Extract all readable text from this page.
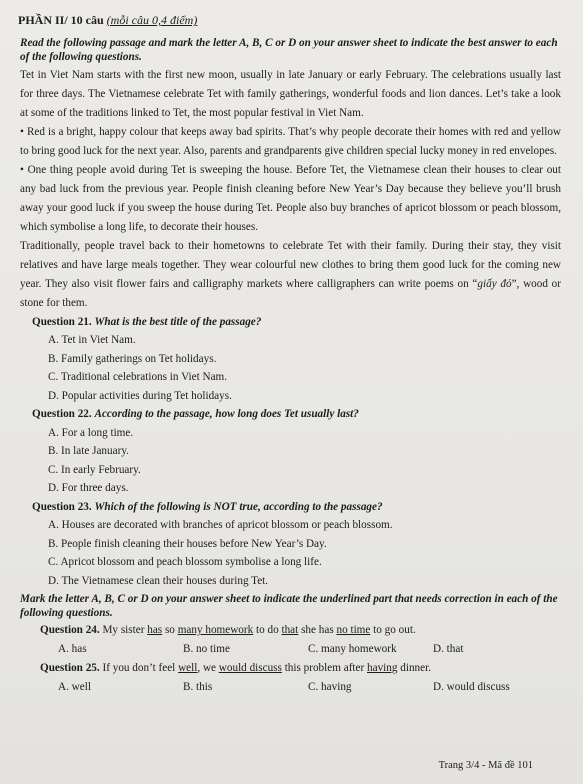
PHẦN II/ 10 câu (mỗi câu 0,4 điểm)
Read the following passage and mark the letter A, B, C or D on your answer sheet to indicate the best answer to each of the following questions.
Tet in Viet Nam starts with the first new moon, usually in late January or early February. The celebrations usually last for three days. The Vietnamese celebrate Tet with family gatherings, wonderful foods and lion dances. Let’s take a look at some of the traditions linked to Tet, the most popular festival in Viet Nam.
• Red is a bright, happy colour that keeps away bad spirits. That’s why people decorate their homes with red and yellow to bring good luck for the next year. Also, parents and grandparents give children special lucky money in red envelopes.
• One thing people avoid during Tet is sweeping the house. Before Tet, the Vietnamese clean their houses to clear out any bad luck from the previous year. People finish cleaning before New Year’s Day because they believe you’ll brush away your good luck if you sweep the house during Tet. People also buy branches of apricot blossom or peach blossom, which symbolise a long life, to decorate their houses.
Traditionally, people travel back to their hometowns to celebrate Tet with their family. During their stay, they visit relatives and have large meals together. They wear colourful new clothes to bring them good luck for the coming new year. They also visit flower fairs and calligraphy markets where calligraphers can write poems on “giấy đỏ”, wood or stone for them.
Question 21. What is the best title of the passage?
A. Tet in Viet Nam.
B. Family gatherings on Tet holidays.
C. Traditional celebrations in Viet Nam.
D. Popular activities during Tet holidays.
Question 22. According to the passage, how long does Tet usually last?
A. For a long time.
B. In late January.
C. In early February.
D. For three days.
Question 23. Which of the following is NOT true, according to the passage?
A. Houses are decorated with branches of apricot blossom or peach blossom.
B. People finish cleaning their houses before New Year’s Day.
C. Apricot blossom and peach blossom symbolise a long life.
D. The Vietnamese clean their houses during Tet.
Mark the letter A, B, C or D on your answer sheet to indicate the underlined part that needs correction in each of the following questions.
Question 24. My sister has so many homework to do that she has no time to go out.
A. has	B. no time	C. many homework	D. that
Question 25. If you don’t feel well, we would discuss this problem after having dinner.
A. well	B. this	C. having	D. would discuss
Trang 3/4 - Mã đề 101
